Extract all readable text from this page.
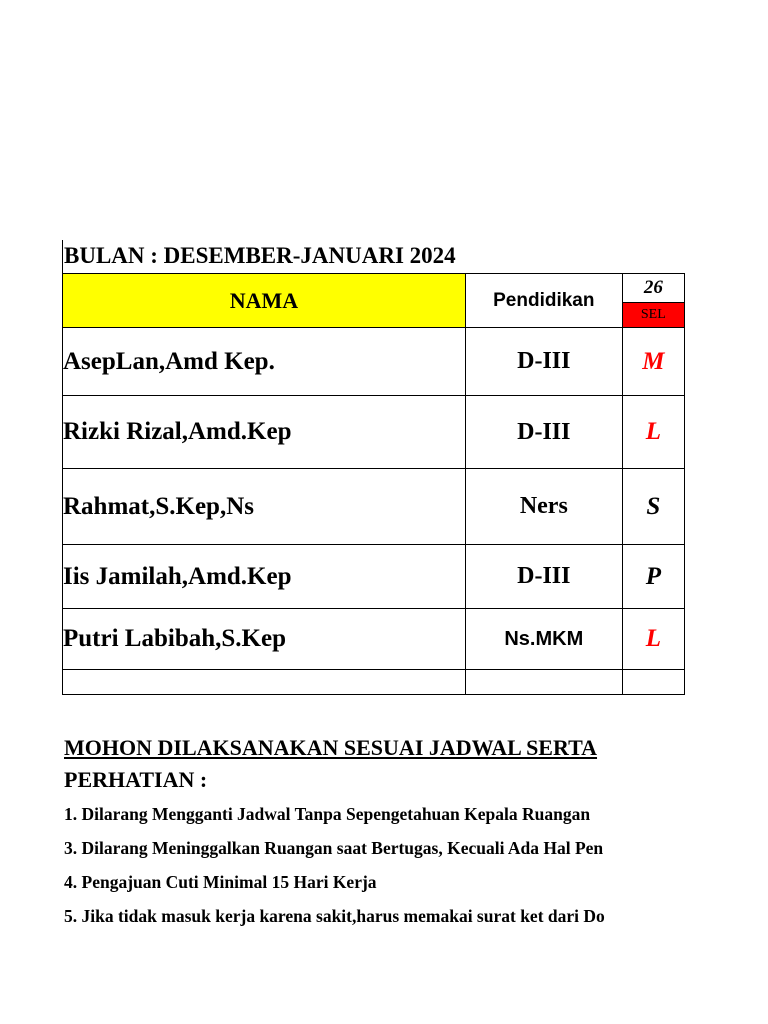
BULAN : DESEMBER-JANUARI 2024
NAMA	Pendidikan	26
SEL

AsepLan,Amd Kep.	D-III	M
Rizki Rizal,Amd.Kep	D-III	L
Rahmat,S.Kep,Ns	Ners	S
Iis Jamilah,Amd.Kep	D-III	P
Putri Labibah,S.Kep	Ns.MKM	L

MOHON DILAKSANAKAN SESUAI JADWAL SERTA
PERHATIAN :
1. Dilarang Mengganti Jadwal Tanpa Sepengetahuan Kepala Ruangan
3. Dilarang Meninggalkan Ruangan saat Bertugas, Kecuali Ada Hal Pen
4. Pengajuan Cuti Minimal 15 Hari Kerja
5. Jika tidak masuk kerja karena sakit,harus memakai surat ket dari Do
